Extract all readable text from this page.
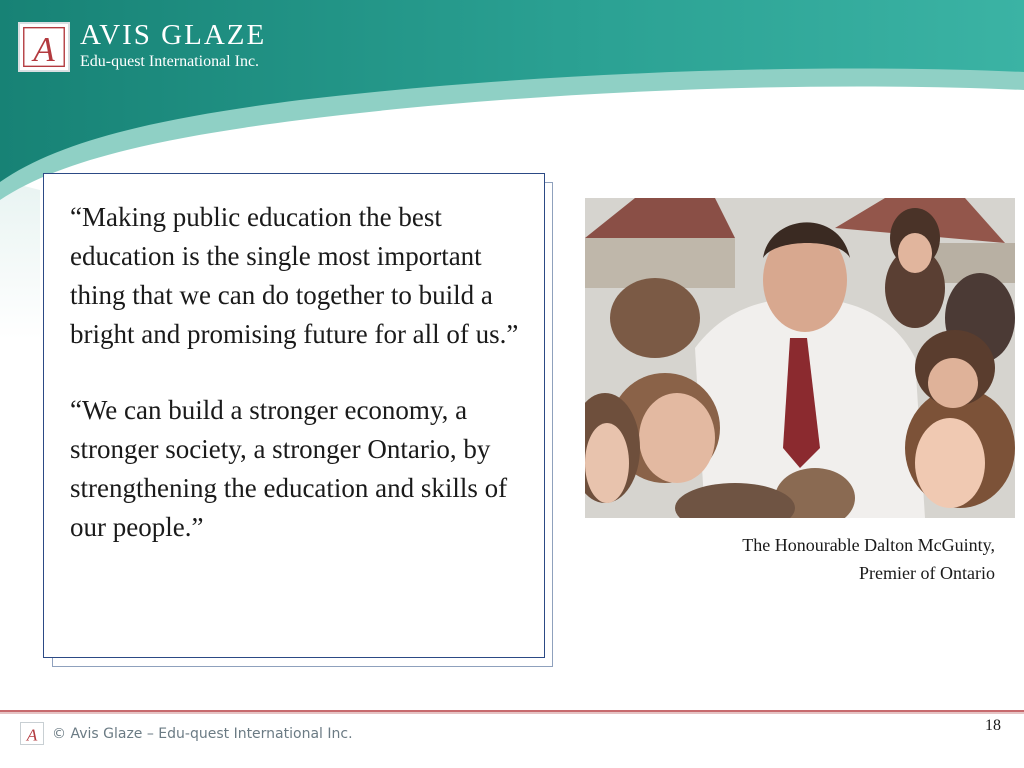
A AVIS GLAZE
Edu-quest International Inc.

“Making public education the best education is the single most important thing that we can do together to build a bright and promising future for all of us.”

“We can build a stronger economy, a stronger society, a stronger Ontario, by strengthening the education and skills of our people.”

The Honourable Dalton McGuinty,
Premier of Ontario
A © Avis Glaze – Edu-quest International Inc.	18
